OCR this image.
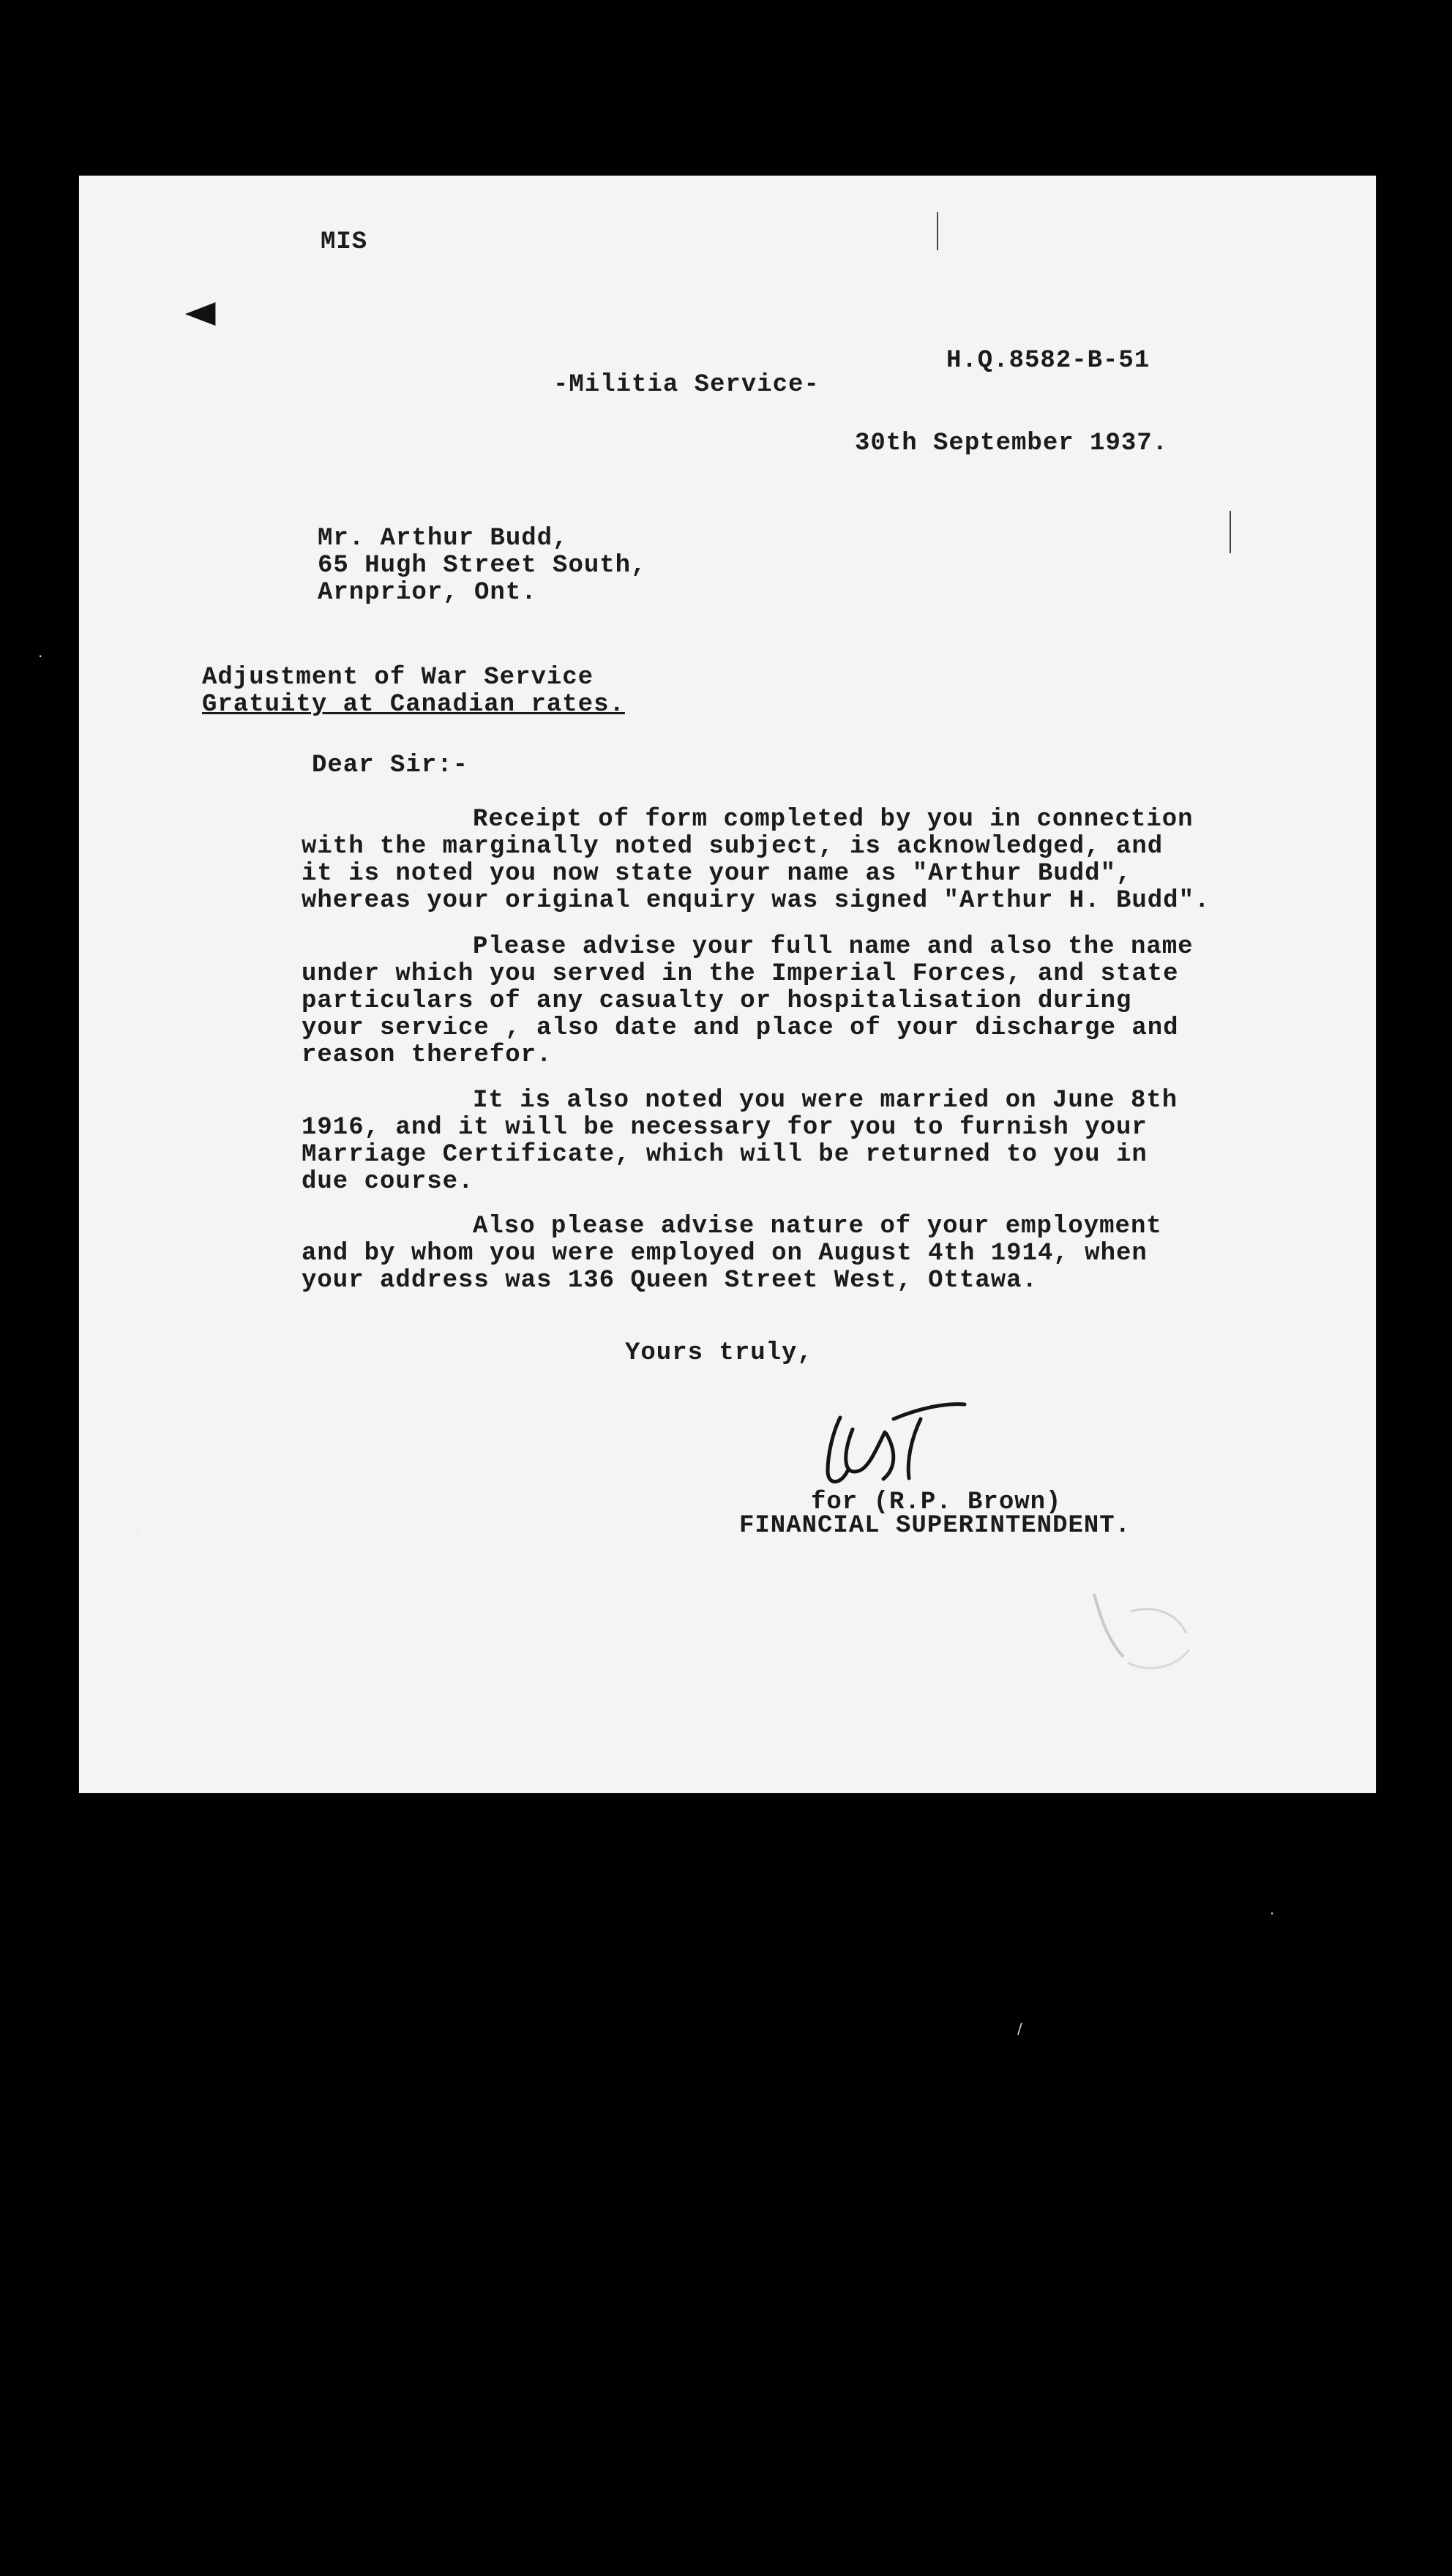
MIS
◀
H.Q.8582-B-51
-Militia Service-
30th September 1937.
Mr. Arthur Budd,
65 Hugh Street South,
Arnprior, Ont.
Adjustment of War Service
Gratuity at Canadian rates.
Dear Sir:-
Receipt of form completed by you in connection
with the marginally noted subject, is acknowledged, and
it is noted you now state your name as "Arthur Budd",
whereas your original enquiry was signed "Arthur H. Budd".
Please advise your full name and also the name
under which you served in the Imperial Forces, and state
particulars of any casualty or hospitalisation during
your service , also date and place of your discharge and
reason therefor.
It is also noted you were married on June 8th
1916, and it will be necessary for you to furnish your
Marriage Certificate, which will be returned to you in
due course.
Also please advise nature of your employment
and by whom you were employed on August 4th 1914, when
your address was 136 Queen Street West, Ottawa.
Yours truly,
for (R.P. Brown)
FINANCIAL SUPERINTENDENT.
·
·
·
/
